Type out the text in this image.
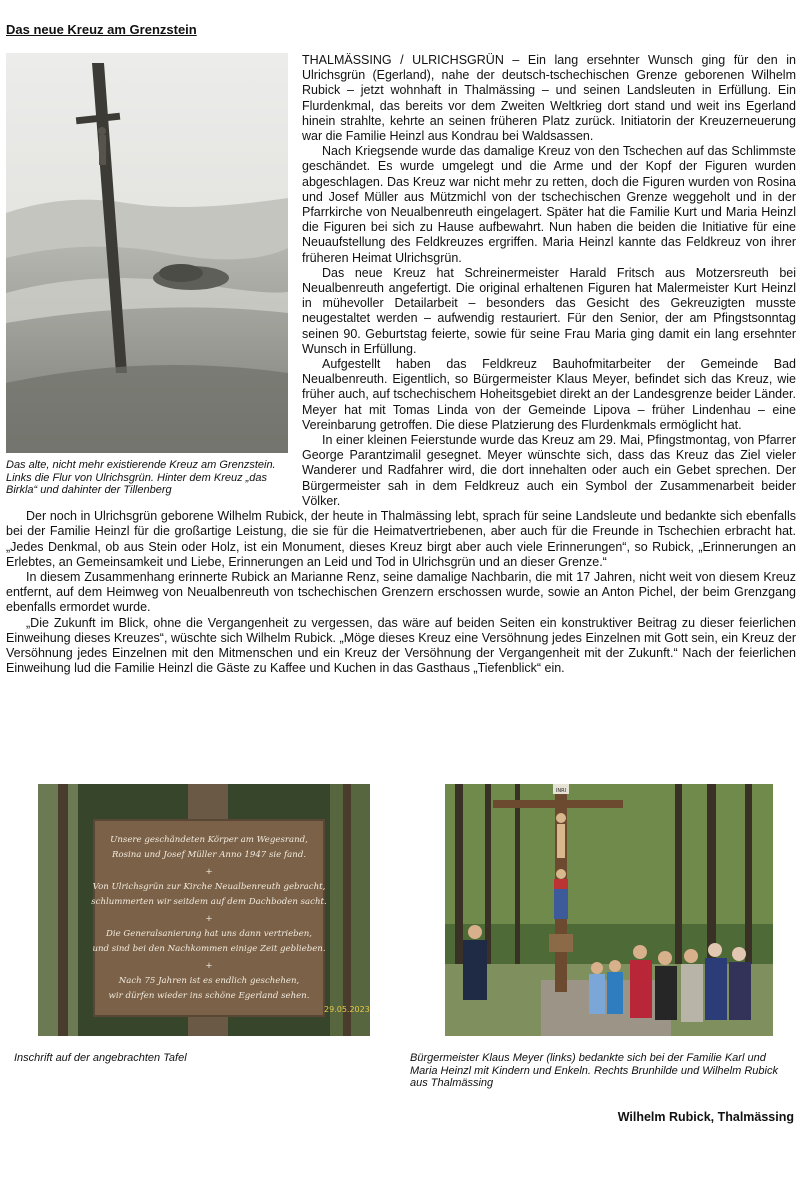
Das neue Kreuz am Grenzstein
Das alte, nicht mehr existierende Kreuz am Grenzstein. Links die Flur von Ulrichsgrün. Hinter dem Kreuz „das Birkla“ und dahinter der Tillenberg

THALMÄSSING / ULRICHSGRÜN – Ein lang ersehnter Wunsch ging für den in Ulrichsgrün (Egerland), nahe der deutsch-tschechischen Grenze geborenen Wilhelm Rubick – jetzt wohnhaft in Thalmässing – und seinen Landsleuten in Erfüllung. Ein Flurdenkmal, das bereits vor dem Zweiten Weltkrieg dort stand und weit ins Egerland hinein strahlte, kehrte an seinen früheren Platz zurück. Initiatorin der Kreuzerneuerung war die Familie Heinzl aus Kondrau bei Waldsassen.

Nach Kriegsende wurde das damalige Kreuz von den Tschechen auf das Schlimmste geschändet. Es wurde umgelegt und die Arme und der Kopf der Figuren wurden abgeschlagen. Das Kreuz war nicht mehr zu retten, doch die Figuren wurden von Rosina und Josef Müller aus Mützmichl von der tschechischen Grenze weggeholt und in der Pfarrkirche von Neualbenreuth eingelagert. Später hat die Familie Kurt und Maria Heinzl die Figuren bei sich zu Hause aufbewahrt. Nun haben die beiden die Initiative für eine Neuaufstellung des Feldkreuzes ergriffen. Maria Heinzl kannte das Feldkreuz von ihrer früheren Heimat Ulrichsgrün.

Das neue Kreuz hat Schreinermeister Harald Fritsch aus Motzersreuth bei Neualbenreuth angefertigt. Die original erhaltenen Figuren hat Malermeister Kurt Heinzl in mühevoller Detailarbeit – besonders das Gesicht des Gekreuzigten musste neugestaltet werden – aufwendig restauriert. Für den Senior, der am Pfingstsonntag seinen 90. Geburtstag feierte, sowie für seine Frau Maria ging damit ein lang ersehnter Wunsch in Erfüllung.

Aufgestellt haben das Feldkreuz Bauhofmitarbeiter der Gemeinde Bad Neualbenreuth. Eigentlich, so Bürgermeister Klaus Meyer, befindet sich das Kreuz, wie früher auch, auf tschechischem Hoheitsgebiet direkt an der Landesgrenze beider Länder. Meyer hat mit Tomas Linda von der Gemeinde Lipova – früher Lindenhau – eine Vereinbarung getroffen. Die diese Platzierung des Flurdenkmals ermöglicht hat.

In einer kleinen Feierstunde wurde das Kreuz am 29. Mai, Pfingstmontag, von Pfarrer George Parantzimalil gesegnet. Meyer wünschte sich, dass das Kreuz das Ziel vieler Wanderer und Radfahrer wird, die dort innehalten oder auch ein Gebet sprechen. Der Bürgermeister sah in dem Feldkreuz auch ein Symbol der Zusammenarbeit beider Völker.

Der noch in Ulrichsgrün geborene Wilhelm Rubick, der heute in Thalmässing lebt, sprach für seine Landsleute und bedankte sich ebenfalls bei der Familie Heinzl für die großartige Leistung, die sie für die Heimatvertriebenen, aber auch für die Freunde in Tschechien erbracht hat. „Jedes Denkmal, ob aus Stein oder Holz, ist ein Monument, dieses Kreuz birgt aber auch viele Erinnerungen“, so Rubick, „Erinnerungen an Erlebtes, an Gemeinsamkeit und Liebe, Erinnerungen an Leid und Tod in Ulrichsgrün und an dieser Grenze.“

In diesem Zusammenhang erinnerte Rubick an Marianne Renz, seine damalige Nachbarin, die mit 17 Jahren, nicht weit von diesem Kreuz entfernt, auf dem Heimweg von Neualbenreuth von tschechischen Grenzern erschossen wurde, sowie an Anton Pichel, der beim Grenzgang ebenfalls ermordet wurde.

„Die Zukunft im Blick, ohne die Vergangenheit zu vergessen, das wäre auf beiden Seiten ein konstruktiver Beitrag zu dieser feierlichen Einweihung dieses Kreuzes“, wüschte sich Wilhelm Rubick. „Möge dieses Kreuz eine Versöhnung jedes Einzelnen mit Gott sein, ein Kreuz der Versöhnung jedes Einzelnen mit den Mitmenschen und ein Kreuz der Versöhnung der Vergangenheit mit der Zukunft.“ Nach der feierlichen Einweihung lud die Familie Heinzl die Gäste zu Kaffee und Kuchen in das Gasthaus „Tiefenblick“ ein.

Unsere geschändeten Körper am Wegesrand,
Rosina und Josef Müller Anno 1947 sie fand.
+
Von Ulrichsgrün zur Kirche Neualbenreuth gebracht,
schlummerten wir seitdem auf dem Dachboden sacht.
+
Die Generalsanierung hat uns dann vertrieben,
und sind bei den Nachkommen einige Zeit geblieben.
+
Nach 75 Jahren ist es endlich geschehen,
wir dürfen wieder ins schöne Egerland sehen.
29.05.2023
INRI
Inschrift auf der angebrachten Tafel	Bürgermeister Klaus Meyer (links) bedankte sich bei der Familie Karl und Maria Heinzl mit Kindern und Enkeln. Rechts Brunhilde und Wilhelm Rubick aus Thalmässing
Wilhelm Rubick, Thalmässing
